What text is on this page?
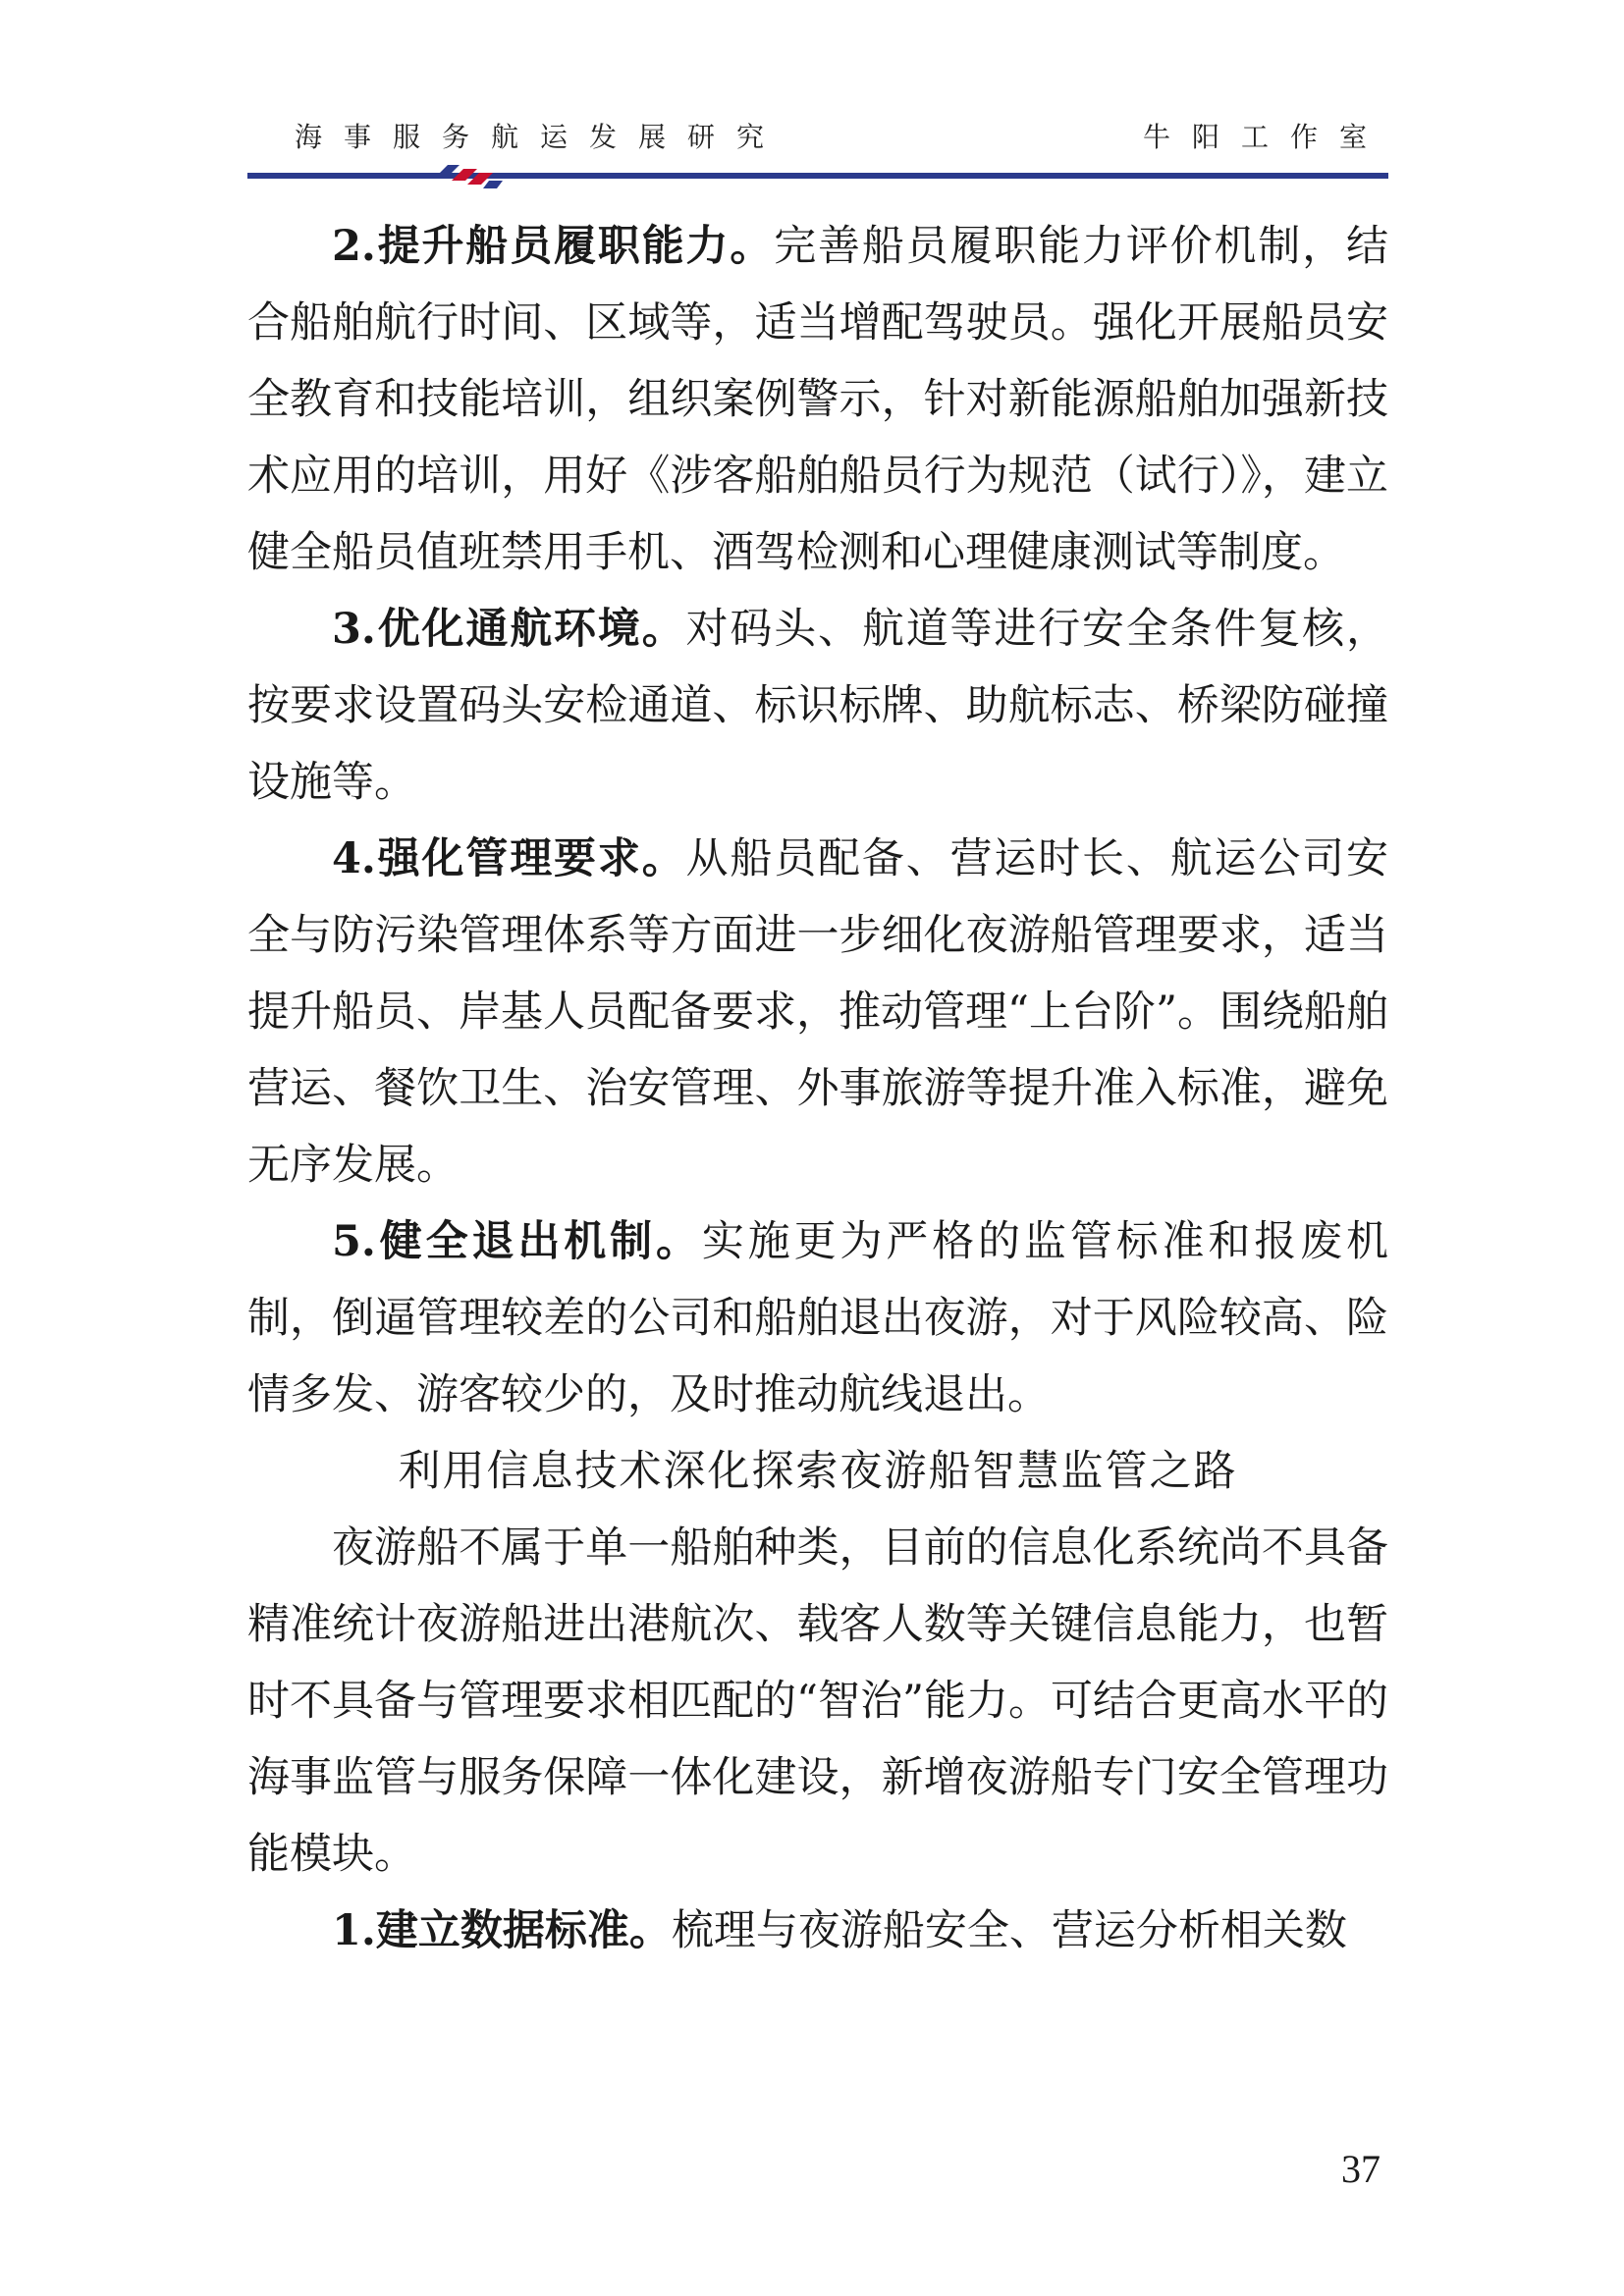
海事服务航运发展研究	牛阳工作室

2.提升船员履职能力。完善船员履职能力评价机制，结合船舶航行时间、区域等，适当增配驾驶员。强化开展船员安全教育和技能培训，组织案例警示，针对新能源船舶加强新技术应用的培训，用好《涉客船舶船员行为规范（试行）》，建立健全船员值班禁用手机、酒驾检测和心理健康测试等制度。

3.优化通航环境。对码头、航道等进行安全条件复核，按要求设置码头安检通道、标识标牌、助航标志、桥梁防碰撞设施等。

4.强化管理要求。从船员配备、营运时长、航运公司安全与防污染管理体系等方面进一步细化夜游船管理要求，适当提升船员、岸基人员配备要求，推动管理“上台阶”。围绕船舶营运、餐饮卫生、治安管理、外事旅游等提升准入标准，避免无序发展。

5.健全退出机制。实施更为严格的监管标准和报废机制，倒逼管理较差的公司和船舶退出夜游，对于风险较高、险情多发、游客较少的，及时推动航线退出。

利用信息技术深化探索夜游船智慧监管之路

夜游船不属于单一船舶种类，目前的信息化系统尚不具备精准统计夜游船进出港航次、载客人数等关键信息能力，也暂时不具备与管理要求相匹配的“智治”能力。可结合更高水平的海事监管与服务保障一体化建设，新增夜游船专门安全管理功能模块。

1.建立数据标准。梳理与夜游船安全、营运分析相关数

37
